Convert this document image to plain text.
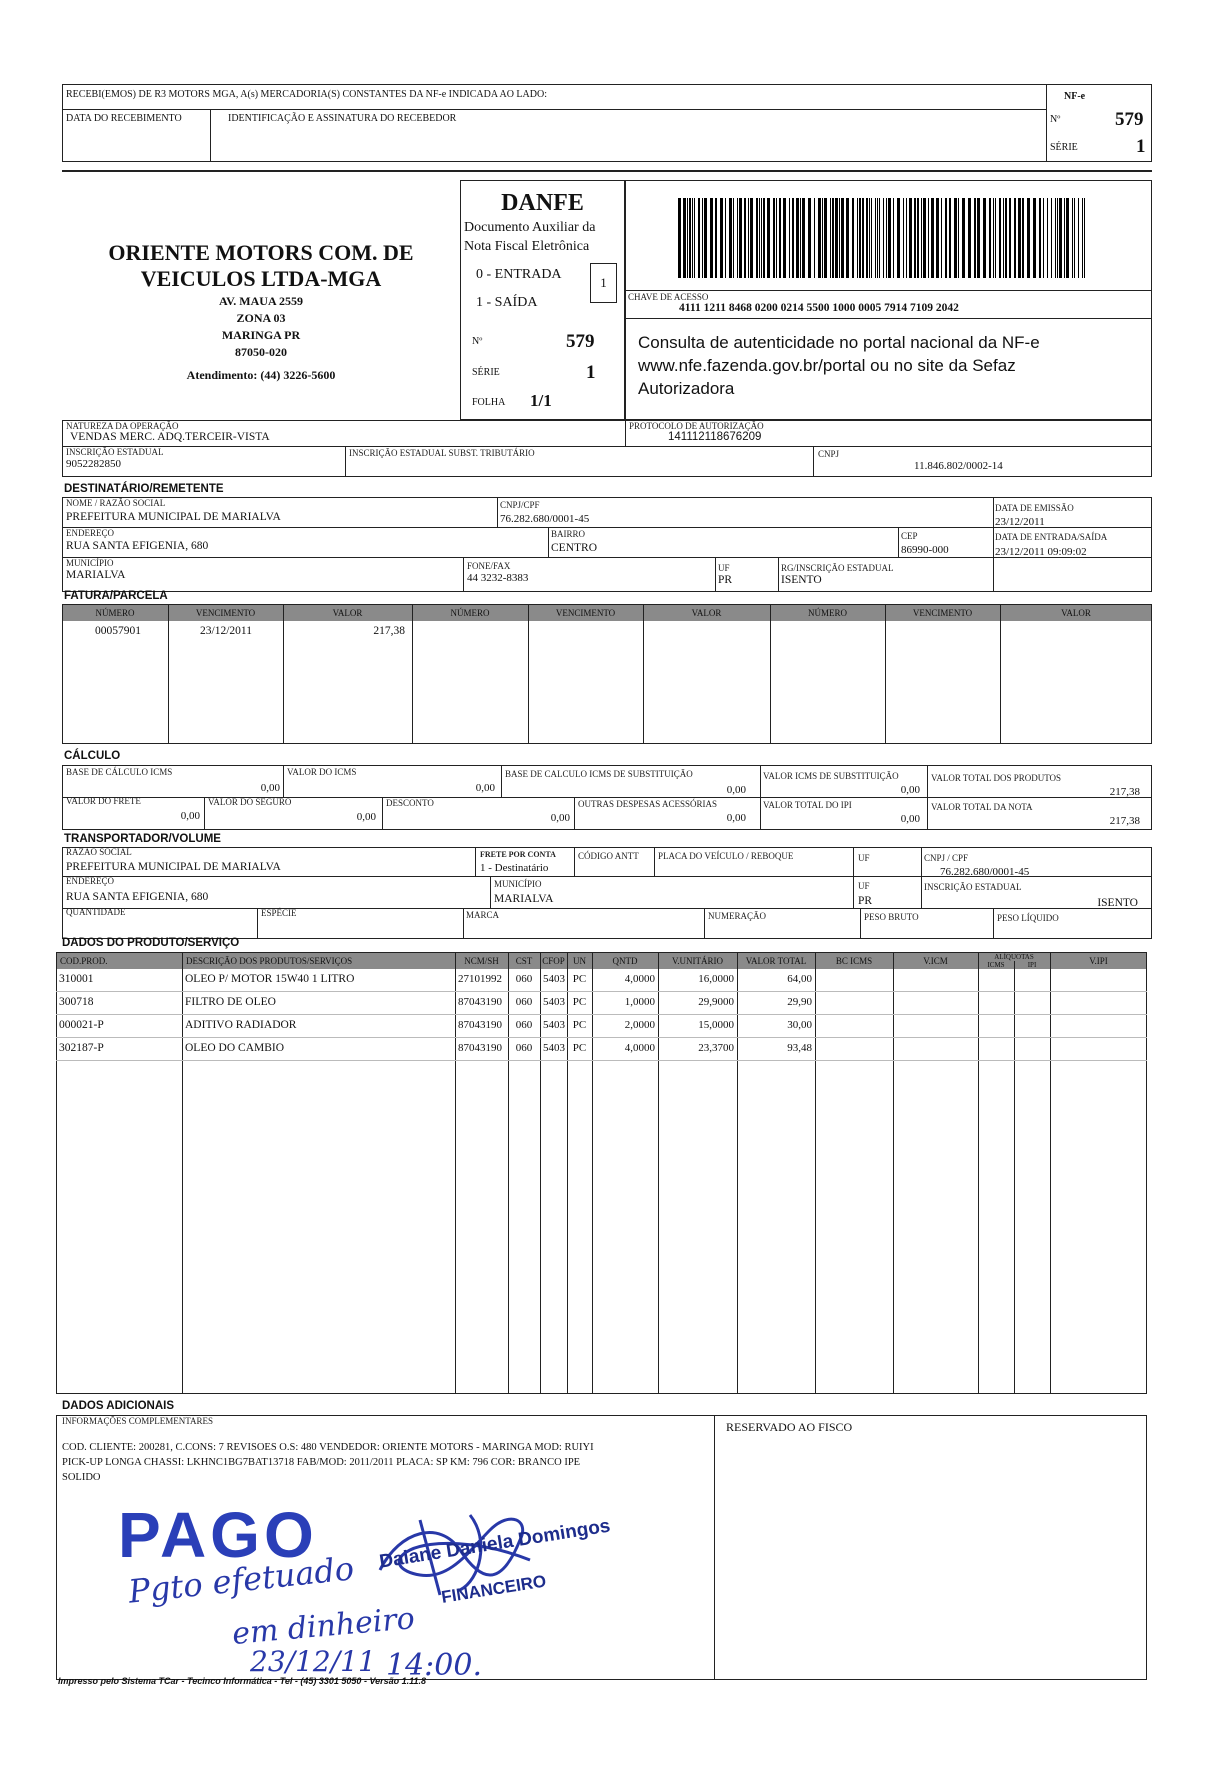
RECEBI(EMOS) DE R3 MOTORS MGA, A(s) MERCADORIA(S) CONSTANTES DA NF-e INDICADA AO LADO:
DATA DO RECEBIMENTO	IDENTIFICAÇÃO E ASSINATURA DO RECEBEDOR
NF-e
Nº	579
SÉRIE	1
ORIENTE MOTORS COM. DE
VEICULOS LTDA-MGA
AV. MAUA 2559
ZONA 03
MARINGA PR
87050-020
Atendimento: (44) 3226-5600
DANFE
Documento Auxiliar da
Nota Fiscal Eletrônica
0 - ENTRADA
1 - SAÍDA
1
Nº	579
SÉRIE	1
FOLHA 1/1
CHAVE DE ACESSO
4111 1211 8468 0200 0214 5500 1000 0005 7914 7109 2042
Consulta de autenticidade no portal nacional da NF-e
www.nfe.fazenda.gov.br/portal ou no site da Sefaz
Autorizadora
NATUREZA DA OPERAÇÃO
VENDAS MERC. ADQ.TERCEIR-VISTA
PROTOCOLO DE AUTORIZAÇÃO
141112118676209
INSCRIÇÃO ESTADUAL
9052282850
INSCRIÇÃO ESTADUAL SUBST. TRIBUTÁRIO	CNPJ
11.846.802/0002-14
DESTINATÁRIO/REMETENTE
NOME / RAZÃO SOCIAL
PREFEITURA MUNICIPAL DE MARIALVA
CNPJ/CPF
76.282.680/0001-45
DATA DE EMISSÃO
23/12/2011
ENDEREÇO
RUA SANTA EFIGENIA, 680
BAIRRO
CENTRO
CEP
86990-000
DATA DE ENTRADA/SAÍDA
23/12/2011 09:09:02
MUNICÍPIO
MARIALVA
FONE/FAX
44 3232-8383
UF
PR
RG/INSCRIÇÃO ESTADUAL
ISENTO
FATURA/PARCELA
NÚMERO	VENCIMENTO	VALOR	NÚMERO	VENCIMENTO	VALOR	NÚMERO	VENCIMENTO	VALOR
00057901	23/12/2011	217,38
CÁLCULO
BASE DE CÁLCULO ICMS
0,00
VALOR DO ICMS
0,00
BASE DE CALCULO ICMS DE SUBSTITUIÇÃO
0,00
VALOR ICMS DE SUBSTITUIÇÃO
0,00
VALOR TOTAL DOS PRODUTOS
217,38
VALOR DO FRETE
0,00
VALOR DO SEGURO
0,00
DESCONTO
0,00
OUTRAS DESPESAS ACESSÓRIAS
0,00
VALOR TOTAL DO IPI
0,00
VALOR TOTAL DA NOTA
217,38
TRANSPORTADOR/VOLUME
RAZÃO SOCIAL
PREFEITURA MUNICIPAL DE MARIALVA
FRETE POR CONTA
1 - Destinatário
CÓDIGO ANTT PLACA DO VEÍCULO / REBOQUE	UF	CNPJ / CPF
76.282.680/0001-45
ENDEREÇO
RUA SANTA EFIGENIA, 680
MUNICÍPIO
MARIALVA
UF
PR
INSCRIÇÃO ESTADUAL
ISENTO
QUANTIDADE	ESPÉCIE	MARCA	NUMERAÇÃO	PESO BRUTO	PESO LÍQUIDO
DADOS DO PRODUTO/SERVIÇO
COD.PROD.	DESCRIÇÃO DOS PRODUTOS/SERVIÇOS	NCM/SH	CST	CFOP UN	QNTD	V.UNITÁRIO	VALOR TOTAL	BC ICMS	V.ICM	ALÍQUOTAS	V.IPI
ICMS	IPI
310001	OLEO P/ MOTOR 15W40 1 LITRO	27101992	060 5403 PC	4,0000	16,0000	64,00
300718	FILTRO DE OLEO	87043190	060 5403 PC	1,0000	29,9000	29,90
000021-P	ADITIVO RADIADOR	87043190	060 5403 PC	2,0000	15,0000	30,00
302187-P	OLEO DO CAMBIO	87043190	060 5403 PC	4,0000	23,3700	93,48
DADOS ADICIONAIS
INFORMAÇÕES COMPLEMENTARES
COD. CLIENTE: 200281, C.CONS: 7 REVISOES O.S: 480 VENDEDOR: ORIENTE MOTORS - MARINGA MOD: RUIYI
PICK-UP LONGA CHASSI: LKHNC1BG7BAT13718 FAB/MOD: 2011/2011 PLACA: SP KM: 796 COR: BRANCO IPE
SOLIDO
RESERVADO AO FISCO
PAGO
Pgto efetuado
em dinheiro
23/12/11 14:00.
Daiane Daniela Domingos
FINANCEIRO
Impresso pelo Sistema TCar - Tecinco Informática - Tel - (45) 3301 5050 - Versão 1.11.8
